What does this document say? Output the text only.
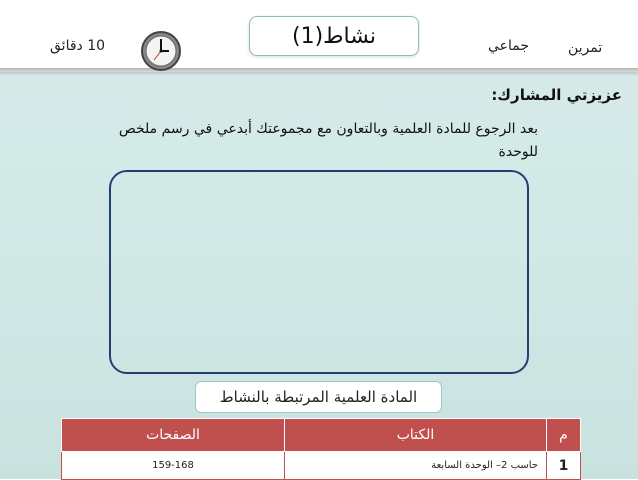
نشاط(1)	تمرين
جماعي
10 دقائق
عزيزتي المشارك:
بعد الرجوع للمادة العلمية وبالتعاون مع مجموعتك أبدعي في رسم ملخص للوحدة
المادة العلمية المرتبطة بالنشاط
م	الكتاب	الصفحات
1	حاسب 2– الوحدة السابعة	159-168
